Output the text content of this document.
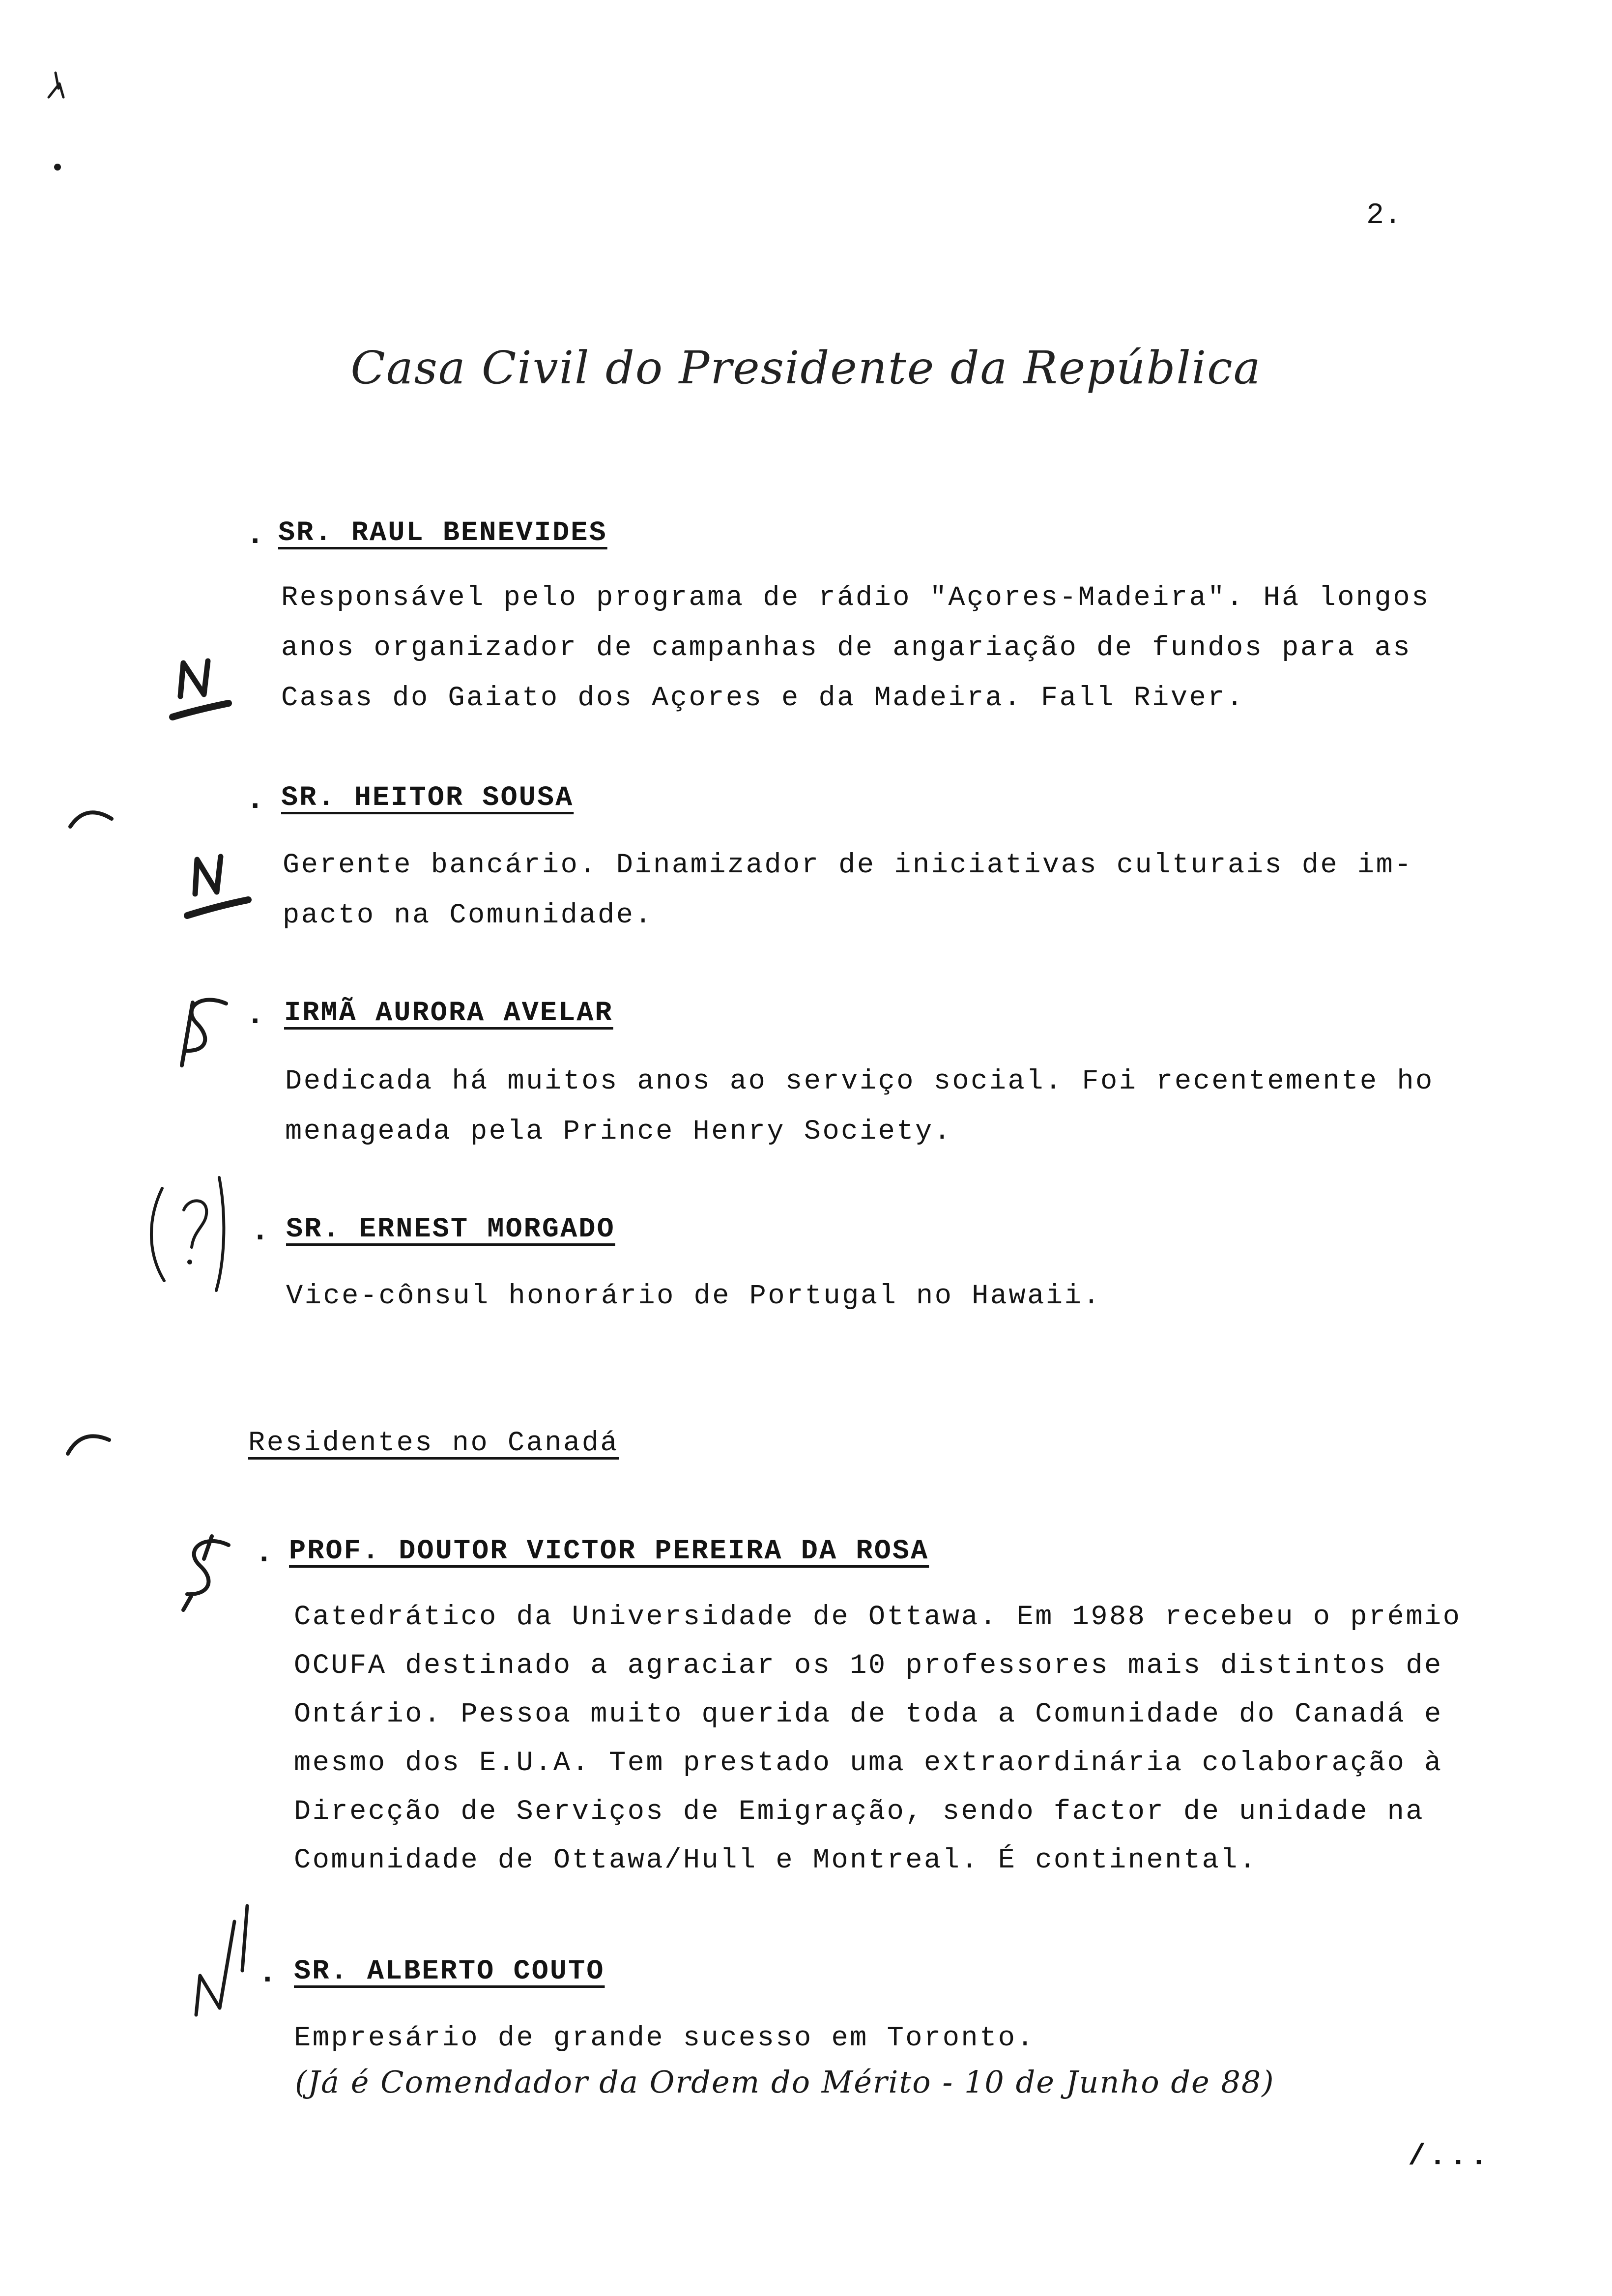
2.
Casa Civil do Presidente da República
. SR. RAUL BENEVIDES
Responsável pelo programa de rádio "Açores-Madeira". Há longos
anos organizador de campanhas de angariação de fundos para as
Casas do Gaiato dos Açores e da Madeira. Fall River.
. SR. HEITOR SOUSA
Gerente bancário. Dinamizador de iniciativas culturais de im-
pacto na Comunidade.
. IRMÃ AURORA AVELAR
Dedicada há muitos anos ao serviço social. Foi recentemente ho
menageada pela Prince Henry Society.
. SR. ERNEST MORGADO
Vice-cônsul honorário de Portugal no Hawaii.
Residentes no Canadá
. PROF. DOUTOR VICTOR PEREIRA DA ROSA
Catedrático da Universidade de Ottawa. Em 1988 recebeu o prémio
OCUFA destinado a agraciar os 10 professores mais distintos de
Ontário. Pessoa muito querida de toda a Comunidade do Canadá e
mesmo dos E.U.A. Tem prestado uma extraordinária colaboração à
Direcção de Serviços de Emigração, sendo factor de unidade na
Comunidade de Ottawa/Hull e Montreal. É continental.
. SR. ALBERTO COUTO
Empresário de grande sucesso em Toronto.
(Já é Comendador da Ordem do Mérito - 10 de Junho de 88)
/...
